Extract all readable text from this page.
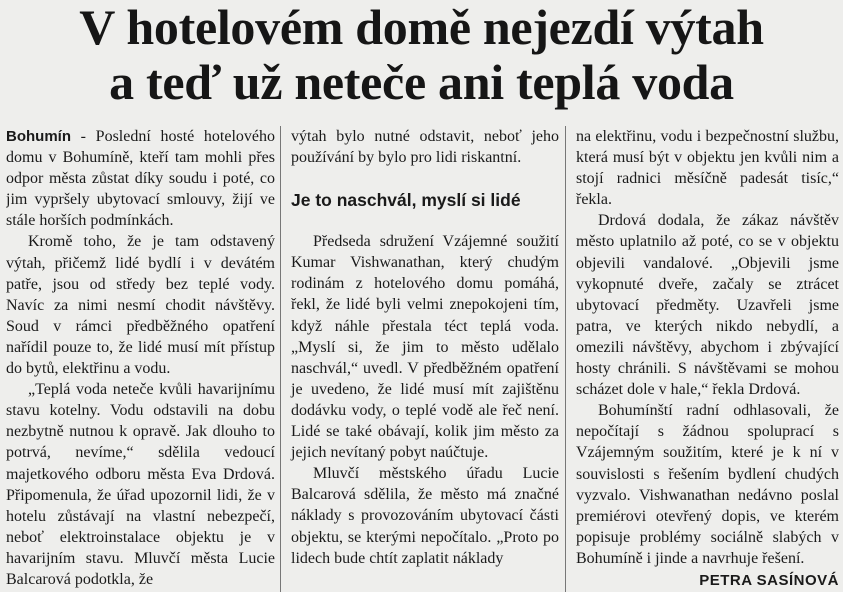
V hotelovém domě nejezdí výtah
a teď už neteče ani teplá voda

Bohumín - Poslední hosté hotelového domu v Bohumíně, kteří tam mohli přes odpor města zůstat díky soudu i poté, co jim vypršely ubytovací smlouvy, žijí ve stále horších podmínkách.

Kromě toho, že je tam odstavený výtah, přičemž lidé bydlí i v devátém patře, jsou od středy bez teplé vody. Navíc za nimi nesmí chodit návštěvy. Soud v rámci předběžného opatření nařídil pouze to, že lidé musí mít přístup do bytů, elektřinu a vodu.

„Teplá voda neteče kvůli havarijnímu stavu kotelny. Vodu odstavili na dobu nezbytně nutnou k opravě. Jak dlouho to potrvá, nevíme,“ sdělila vedoucí majetkového odboru města Eva Drdová. Připomenula, že úřad upozornil lidi, že v hotelu zůstávají na vlastní nebezpečí, neboť elektroinstalace objektu je v havarijním stavu. Mluvčí města Lucie Balcarová podotkla, že

výtah bylo nutné odstavit, neboť jeho používání by bylo pro lidi riskantní.

Je to naschvál, myslí si lidé

Předseda sdružení Vzájemné soužití Kumar Vishwanathan, který chudým rodinám z hotelového domu pomáhá, řekl, že lidé byli velmi znepokojeni tím, když náhle přestala téct teplá voda. „Myslí si, že jim to město udělalo naschvál,“ uvedl. V předběžném opatření je uvedeno, že lidé musí mít zajištěnu dodávku vody, o teplé vodě ale řeč není. Lidé se také obávají, kolik jim město za jejich nevítaný pobyt naúčtuje.

Mluvčí městského úřadu Lucie Balcarová sdělila, že město má značné náklady s provozováním ubytovací části objektu, se kterými nepočítalo. „Proto po lidech bude chtít zaplatit náklady

na elektřinu, vodu i bezpečnostní službu, která musí být v objektu jen kvůli nim a stojí radnici měsíčně padesát tisíc,“ řekla.

Drdová dodala, že zákaz návštěv město uplatnilo až poté, co se v objektu objevili vandalové. „Objevili jsme vykopnuté dveře, začaly se ztrácet ubytovací předměty. Uzavřeli jsme patra, ve kterých nikdo nebydlí, a omezili návštěvy, abychom i zbývající hosty chránili. S návštěvami se mohou scházet dole v hale,“ řekla Drdová.

Bohumínští radní odhlasovali, že nepočítají s žádnou spoluprací s Vzájemným soužitím, které je k ní v souvislosti s řešením bydlení chudých vyzvalo. Vishwanathan nedávno poslal premiérovi otevřený dopis, ve kterém popisuje problémy sociálně slabých v Bohumíně i jinde a navrhuje řešení.

PETRA SASÍNOVÁ
